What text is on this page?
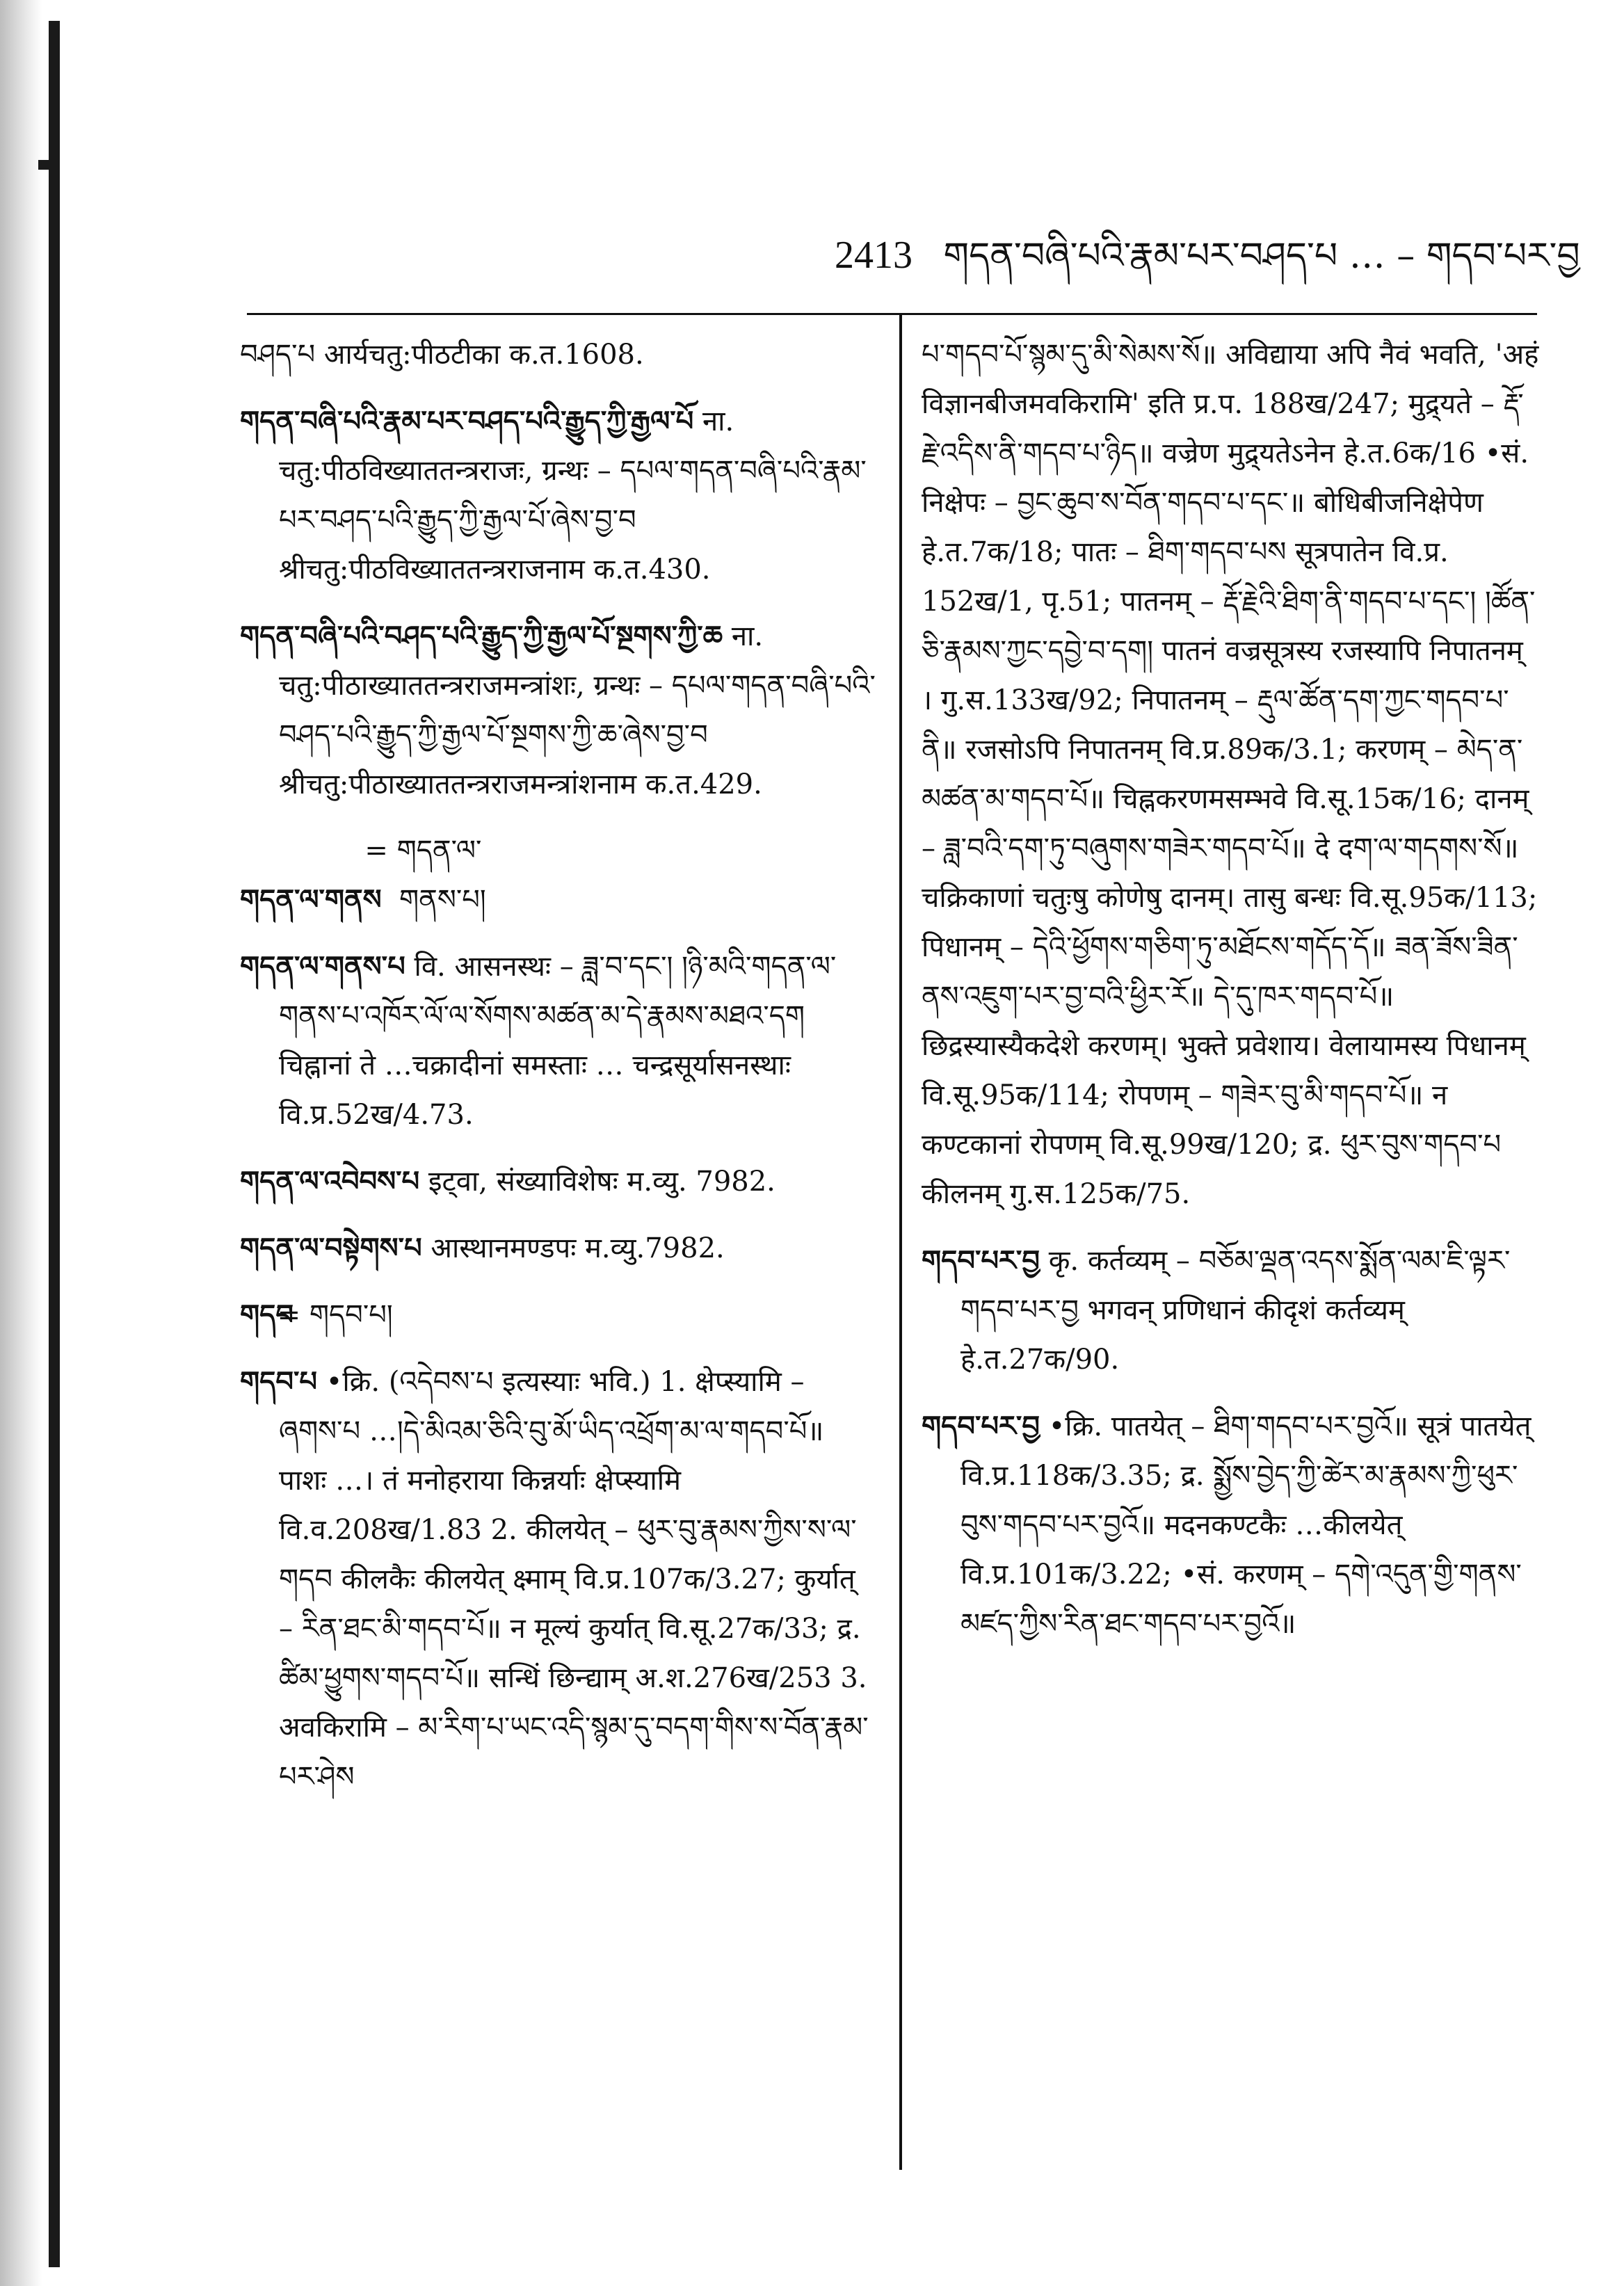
2413 གདན་བཞི་པའི་རྣམ་པར་བཤད་པ … – གདབ་པར་བྱ

བཤད་པ आर्यचतु:पीठटीका क.त.1608.

གདན་བཞི་པའི་རྣམ་པར་བཤད་པའི་རྒྱུད་ཀྱི་རྒྱལ་པོ ना. चतु:पीठविख्याततन्त्रराजः, ग्रन्थः – དཔལ་གདན་བཞི་པའི་རྣམ་པར་བཤད་པའི་རྒྱུད་ཀྱི་རྒྱལ་པོ་ཞེས་བྱ་བ श्रीचतु:पीठविख्याततन्त्रराजनाम क.त.430.

གདན་བཞི་པའི་བཤད་པའི་རྒྱུད་ཀྱི་རྒྱལ་པོ་སྔགས་ཀྱི་ཆ ना. चतु:पीठाख्याततन्त्रराजमन्त्रांशः, ग्रन्थः – དཔལ་གདན་བཞི་པའི་བཤད་པའི་རྒྱུད་ཀྱི་རྒྱལ་པོ་སྔགས་ཀྱི་ཆ་ཞེས་བྱ་བ श्रीचतु:पीठाख्याततन्त्रराजमन्त्रांशनाम क.त.429.

གདན་ལ་གནས = གདན་ལ་གནས་པ།

གདན་ལ་གནས་པ वि. आसनस्थः – ཟླ་བ་དང་། །ཉི་མའི་གདན་ལ་གནས་པ་འཁོར་ལོ་ལ་སོགས་མཚན་མ་དེ་རྣམས་མཐའ་དག चिह्नानां ते …चक्रादीनां समस्ताः … चन्द्रसूर्यासनस्थाः वि.प्र.52ख/4.73.

གདན་ལ་འབེབས་པ इट्वा, संख्याविशेषः म.व्यु. 7982.

གདན་ལ་བསྟེགས་པ आस्थानमण्डपः म.व्यु.7982.

གདབ = གདབ་པ།

གདབ་པ •क्रि. (འདེབས་པ इत्यस्याः भवि.) 1. क्षेप्स्यामि – ཞགས་པ …།དེ་མིའམ་ཅིའི་བུ་མོ་ཡིད་འཕྲོག་མ་ལ་གདབ་པོ॥ पाशः …। तं मनोहराया किन्नर्याः क्षेप्स्यामि वि.व.208ख/1.83 2. कीलयेत् – ཕུར་བུ་རྣམས་ཀྱིས་ས་ལ་གདབ कीलकैः कीलयेत् क्ष्माम् वि.प्र.107क/3.27; कुर्यात् – རིན་ཐང་མི་གདབ་པོ॥ न मूल्यं कुर्यात् वि.सू.27क/33; द्र. ཚིམ་ཕྱུགས་གདབ་པོ॥ सन्धिं छिन्द्याम् अ.श.276ख/253 3. अवकिरामि – མ་རིག་པ་ཡང་འདི་སྙམ་དུ་བདག་གིས་ས་བོན་རྣམ་པར་ཤེས

པ་གདབ་པོ་སྙམ་དུ་མི་སེམས་སོ॥ अविद्याया अपि नैवं भवति, 'अहं विज्ञानबीजमवकिरामि' इति प्र.प. 188ख/247; मुद्र्यते – རྡོ་རྗེ་འདིས་ནི་གདབ་པ་ཉིད॥ वज्रेण मुद्र्यतेऽनेन हे.त.6क/16 •सं. निक्षेपः – བྱང་ཆུབ་ས་བོན་གདབ་པ་དང་॥ बोधिबीजनिक्षेपेण हे.त.7क/18; पातः – ཐིག་གདབ་པས सूत्रपातेन वि.प्र. 152ख/1, पृ.51; पातनम् – རྡོ་རྗེའི་ཐིག་ནི་གདབ་པ་དང་། །ཚོན་ཅི་རྣམས་ཀྱང་དབྱེ་བ་དག། पातनं वज्रसूत्रस्य रजस्यापि निपातनम् । गु.स.133ख/92; निपातनम् – རྡུལ་ཚོན་དག་ཀྱང་གདབ་པ་ནི॥ रजसोऽपि निपातनम् वि.प्र.89क/3.1; करणम् – མེད་ན་མཚན་མ་གདབ་པོ॥ चिह्नकरणमसम्भवे वि.सू.15क/16; दानम् – ཟླ་བའི་དག་ཏུ་བཞུགས་གཟེར་གདབ་པོ॥ दे दག་ལ་གདགས་སོ॥ चक्रिकाणां चतुःषु कोणेषु दानम्। तासु बन्धः वि.सू.95क/113; पिधानम् – དེའི་ཕྱོགས་གཅིག་ཏུ་མཐོངས་གདོད་དོ॥ ཟན་ཟོས་ཟིན་ནས་འཇུག་པར་བྱ་བའི་ཕྱིར་རོ॥ དེ་དུ་ཁར་གདབ་པོ॥ छिद्रस्यास्यैकदेशे करणम्। भुक्ते प्रवेशाय। वेलायामस्य पिधानम् वि.सू.95क/114; रोपणम् – གཟེར་བུ་མི་གདབ་པོ॥ न कण्टकानां रोपणम् वि.सू.99ख/120; द्र. ཕུར་བུས་གདབ་པ कीलनम् गु.स.125क/75.

གདབ་པར་བྱ कृ. कर्तव्यम् – བཅོམ་ལྡན་འདས་སྨོན་ལམ་ཇི་ལྟར་གདབ་པར་བྱ भगवन् प्रणिधानं कीदृशं कर्तव्यम् हे.त.27क/90.

གདབ་པར་བྱ •क्रि. पातयेत् – ཐིག་གདབ་པར་བྱའོ॥ सूत्रं पातयेत् वि.प्र.118क/3.35; द्र. སྨྱོས་བྱེད་ཀྱི་ཚེར་མ་རྣམས་ཀྱི་ཕུར་བུས་གདབ་པར་བྱའོ॥ मदनकण्टकैः …कीलयेत् वि.प्र.101क/3.22; •सं. करणम् – དགེ་འདུན་གྱི་གནས་མཛད་ཀྱིས་རིན་ཐང་གདབ་པར་བྱའོ॥
